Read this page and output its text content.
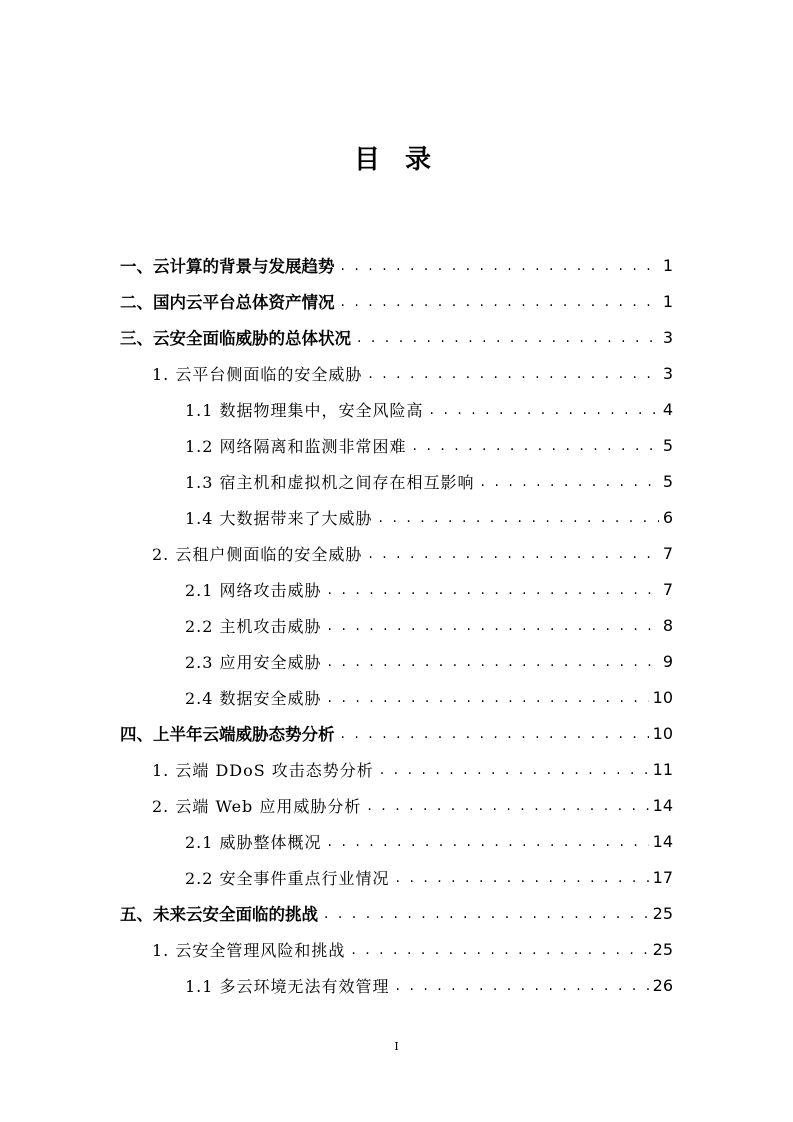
目 录
一、云计算的背景与发展趋势 . . .	1
二、国内云平台总体资产情况 . . .	1
三、云安全面临威胁的总体状况 . . .	3
1. 云平台侧面临的安全威胁 . . .	3
1.1 数据物理集中，安全风险高 . . .	4
1.2 网络隔离和监测非常困难 . . .	5
1.3 宿主机和虚拟机之间存在相互影响 . . .	5
1.4 大数据带来了大威胁 . . .	6
2. 云租户侧面临的安全威胁 . . .	7
2.1 网络攻击威胁 . . .	7
2.2 主机攻击威胁 . . .	8
2.3 应用安全威胁 . . .	9
2.4 数据安全威胁 . . .	10
四、上半年云端威胁态势分析 . . .	10
1. 云端 DDoS 攻击态势分析 . . .	11
2. 云端 Web 应用威胁分析 . . .	14
2.1 威胁整体概况 . . .	14
2.2 安全事件重点行业情况 . . .	17
五、未来云安全面临的挑战 . . .	25
1. 云安全管理风险和挑战 . . .	25
1.1 多云环境无法有效管理 . . .	26
I
